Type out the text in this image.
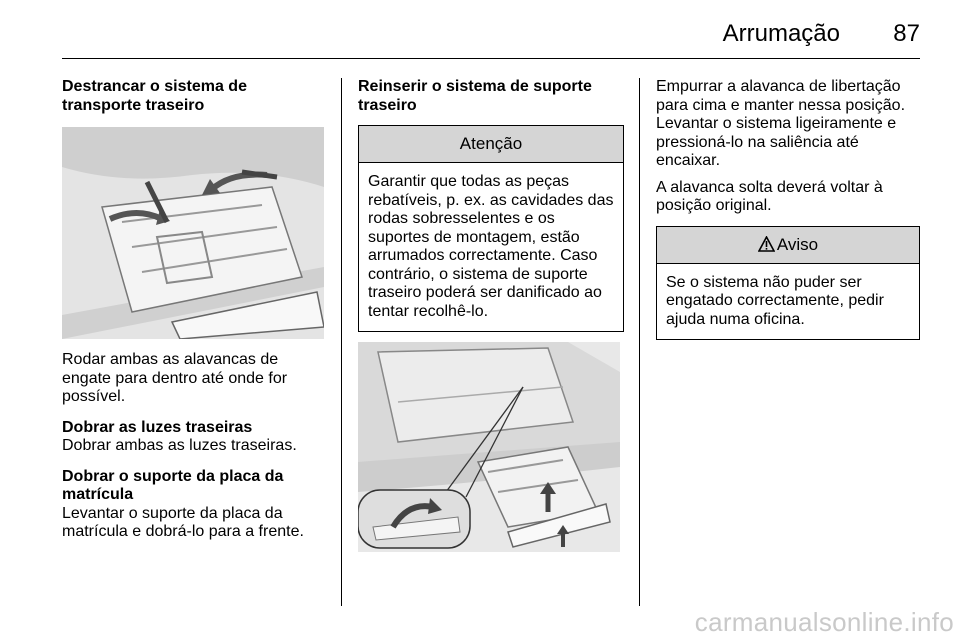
Arrumação 87

Destrancar o sistema de transporte traseiro

Rodar ambas as alavancas de engate para dentro até onde for possível.

Dobrar as luzes traseiras

Dobrar ambas as luzes traseiras.

Dobrar o suporte da placa da matrícula

Levantar o suporte da placa da matrícula e dobrá-lo para a frente.

Reinserir o sistema de suporte traseiro

Atenção
Garantir que todas as peças rebatíveis, p. ex. as cavidades das rodas sobresselentes e os suportes de montagem, estão arrumados correctamente. Caso contrário, o sistema de suporte traseiro poderá ser danificado ao tentar recolhê-lo.

Empurrar a alavanca de libertação para cima e manter nessa posição. Levantar o sistema ligeiramente e pressioná-lo na saliência até encaixar.

A alavanca solta deverá voltar à posição original.

Aviso
Se o sistema não puder ser engatado correctamente, pedir ajuda numa oficina.
carmanualsonline.info
